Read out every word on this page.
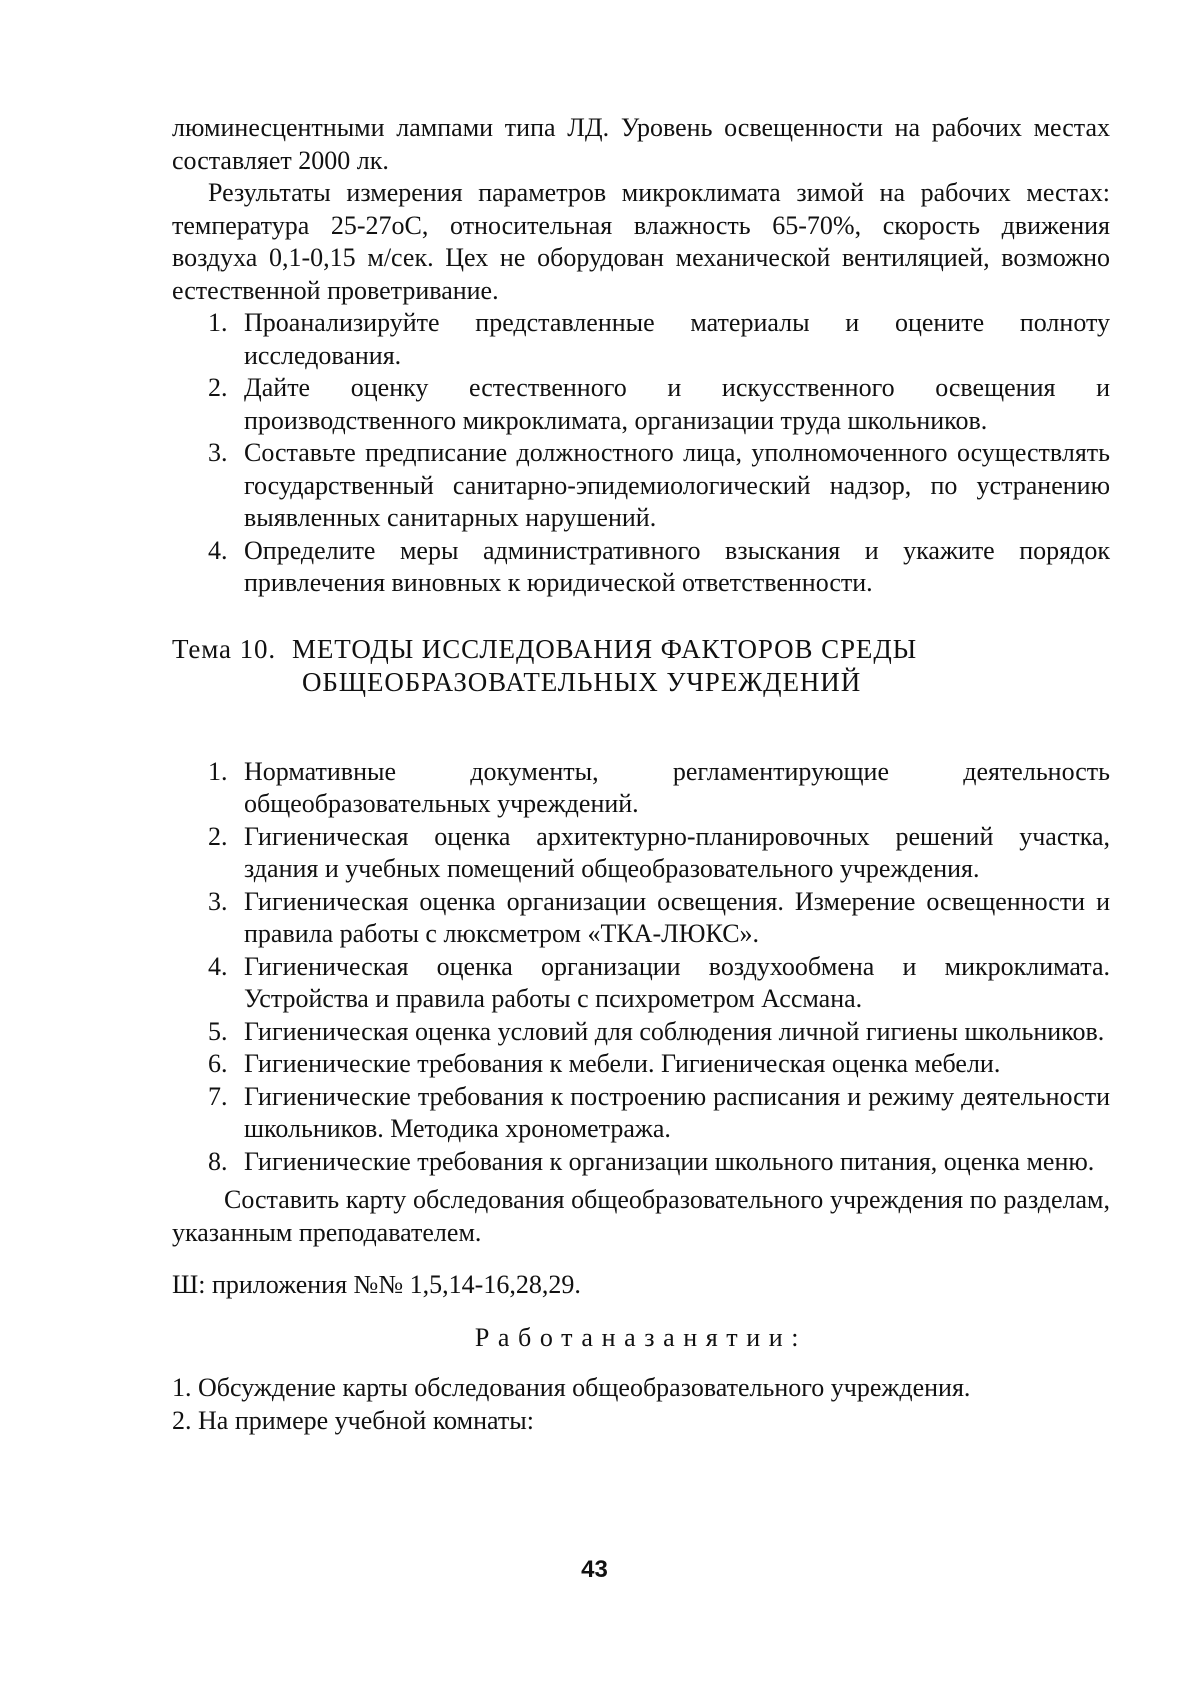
люминесцентными лампами типа ЛД. Уровень освещенности на рабочих местах составляет 2000 лк.

Результаты измерения параметров микроклимата зимой на рабочих местах: температура 25-27оС, относительная влажность 65-70%, скорость движения воздуха 0,1-0,15 м/сек. Цех не оборудован механической вентиляцией, возможно естественной проветривание.

1. Проанализируйте представленные материалы и оцените полноту исследования.
2. Дайте оценку естественного и искусственного освещения и производственного микроклимата, организации труда школьников.
3. Составьте предписание должностного лица, уполномоченного осуществлять государственный санитарно-эпидемиологический надзор, по устранению выявленных санитарных нарушений.
4. Определите меры административного взыскания и укажите порядок привлечения виновных к юридической ответственности.
Тема 10. МЕТОДЫ ИССЛЕДОВАНИЯ ФАКТОРОВ СРЕДЫ
ОБЩЕОБРАЗОВАТЕЛЬНЫХ УЧРЕЖДЕНИЙ
1. Нормативные документы, регламентирующие деятельность общеобразовательных учреждений.
2. Гигиеническая оценка архитектурно-планировочных решений участка, здания и учебных помещений общеобразовательного учреждения.
3. Гигиеническая оценка организации освещения. Измерение освещенности и правила работы с люксметром «ТКА-ЛЮКС».
4. Гигиеническая оценка организации воздухообмена и микроклимата. Устройства и правила работы с психрометром Ассмана.
5. Гигиеническая оценка условий для соблюдения личной гигиены школьников.
6. Гигиенические требования к мебели. Гигиеническая оценка мебели.
7. Гигиенические требования к построению расписания и режиму деятельности школьников. Методика хронометража.
8. Гигиенические требования к организации школьного питания, оценка меню.

Составить карту обследования общеобразовательного учреждения по разделам, указанным преподавателем.

Ш: приложения №№ 1,5,14-16,28,29.

Работаназанятии:
1. Обсуждение карты обследования общеобразовательного учреждения.
2. На примере учебной комнаты:
43
